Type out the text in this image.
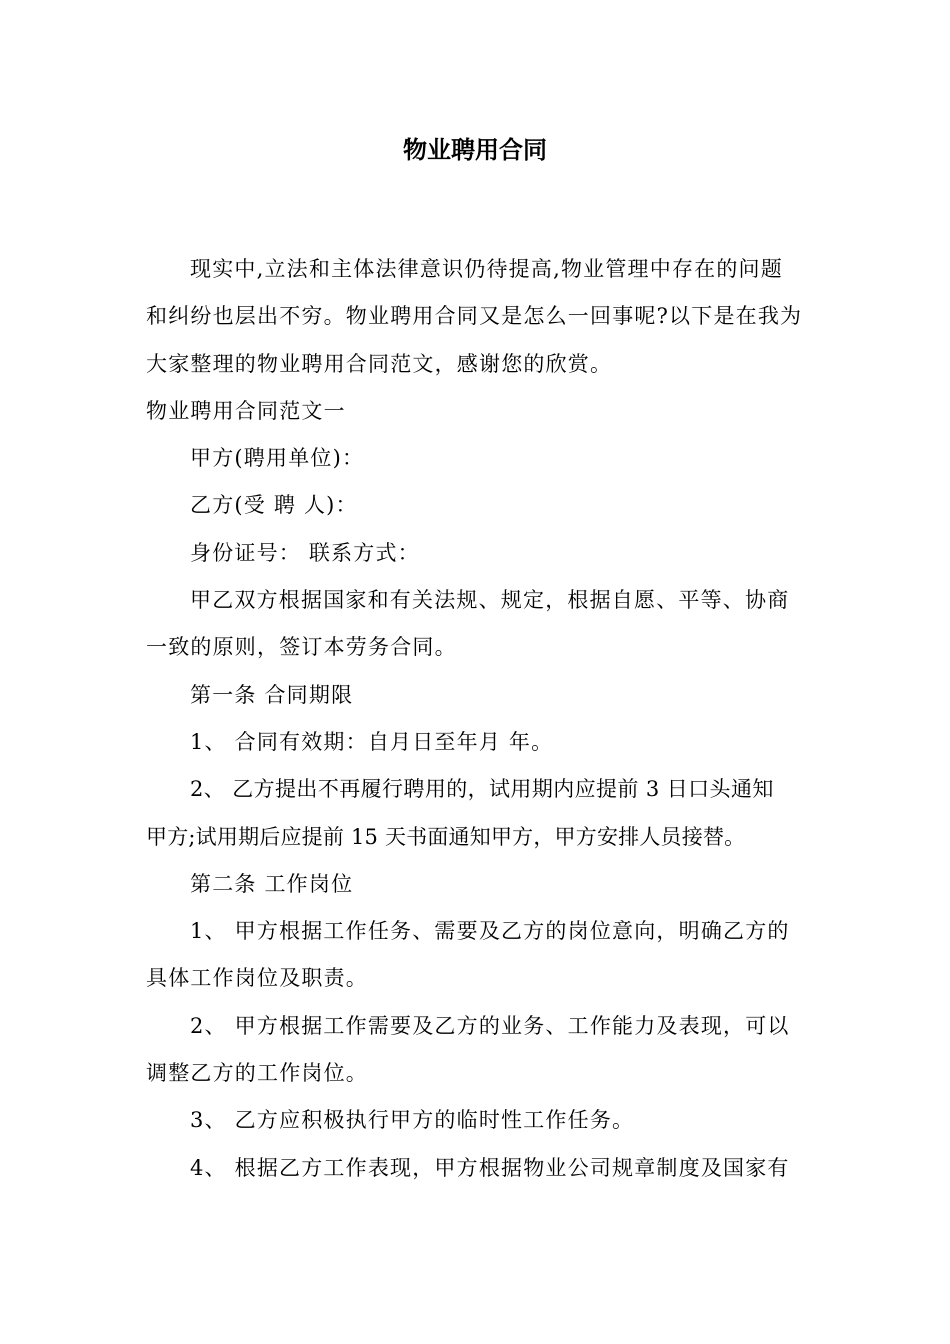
物业聘用合同

现实中,立法和主体法律意识仍待提高,物业管理中存在的问题

和纠纷也层出不穷。物业聘用合同又是怎么一回事呢?以下是在我为

大家整理的物业聘用合同范文，感谢您的欣赏。

物业聘用合同范文一

甲方(聘用单位)：

乙方(受 聘 人)：

身份证号： 联系方式：

甲乙双方根据国家和有关法规、规定，根据自愿、平等、协商

一致的原则，签订本劳务合同。

第一条 合同期限

1、 合同有效期：自月日至年月 年。

2、 乙方提出不再履行聘用的，试用期内应提前 3 日口头通知

甲方;试用期后应提前 15 天书面通知甲方，甲方安排人员接替。

第二条 工作岗位

1、 甲方根据工作任务、需要及乙方的岗位意向，明确乙方的

具体工作岗位及职责。

2、 甲方根据工作需要及乙方的业务、工作能力及表现，可以

调整乙方的工作岗位。

3、 乙方应积极执行甲方的临时性工作任务。

4、 根据乙方工作表现，甲方根据物业公司规章制度及国家有
